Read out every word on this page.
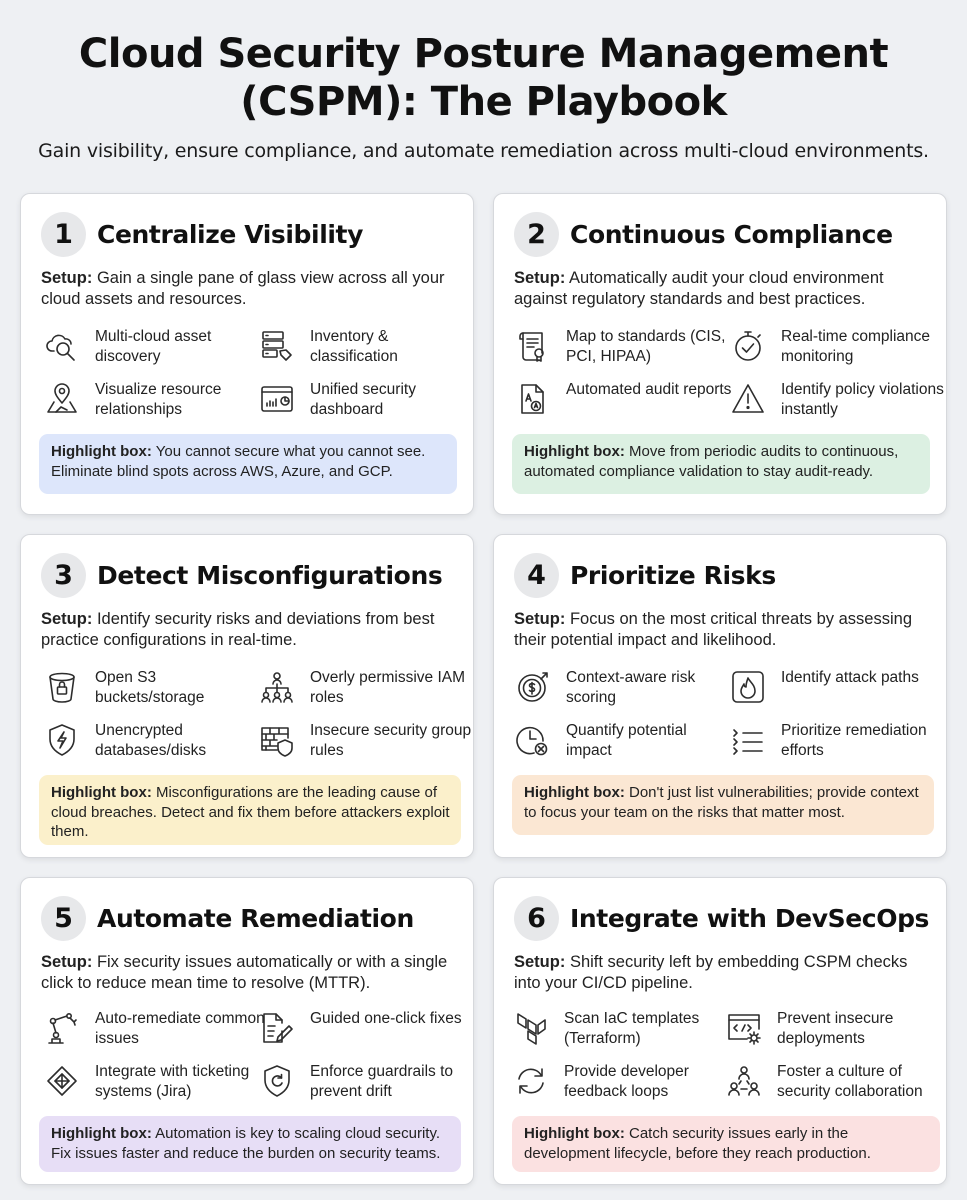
Cloud Security Posture Management
(CSPM): The Playbook
Gain visibility, ensure compliance, and automate remediation across multi-cloud environments.
1 Centralize Visibility
Setup: Gain a single pane of glass view across all your cloud assets and resources.
Multi-cloud asset discovery
Inventory & classification
Visualize resource relationships
Unified security dashboard
Highlight box: You cannot secure what you cannot see. Eliminate blind spots across AWS, Azure, and GCP.
2 Continuous Compliance
Setup: Automatically audit your cloud environment against regulatory standards and best practices.
Map to standards (CIS, PCI, HIPAA)
Real-time compliance monitoring
Automated audit reports	Identify policy violations instantly
Highlight box: Move from periodic audits to continuous, automated compliance validation to stay audit-ready.
3 Detect Misconfigurations
Setup: Identify security risks and deviations from best practice configurations in real-time.
Open S3 buckets/storage
Overly permissive IAM roles
Unencrypted databases/disks
Insecure security group rules
Highlight box: Misconfigurations are the leading cause of cloud breaches. Detect and fix them before attackers exploit them.
4 Prioritize Risks
Setup: Focus on the most critical threats by assessing their potential impact and likelihood.
Context-aware risk scoring
Identify attack paths
Quantify potential impact
Prioritize remediation efforts
Highlight box: Don't just list vulnerabilities; provide context to focus your team on the risks that matter most.
5 Automate Remediation
Setup: Fix security issues automatically or with a single click to reduce mean time to resolve (MTTR).
Auto-remediate common issues
Guided one-click fixes
Integrate with ticketing systems (Jira)
Enforce guardrails to prevent drift
Highlight box: Automation is key to scaling cloud security. Fix issues faster and reduce the burden on security teams.
6 Integrate with DevSecOps
Setup: Shift security left by embedding CSPM checks into your CI/CD pipeline.
Scan IaC templates (Terraform)
Prevent insecure deployments
Provide developer feedback loops
Foster a culture of security collaboration
Highlight box: Catch security issues early in the development lifecycle, before they reach production.
